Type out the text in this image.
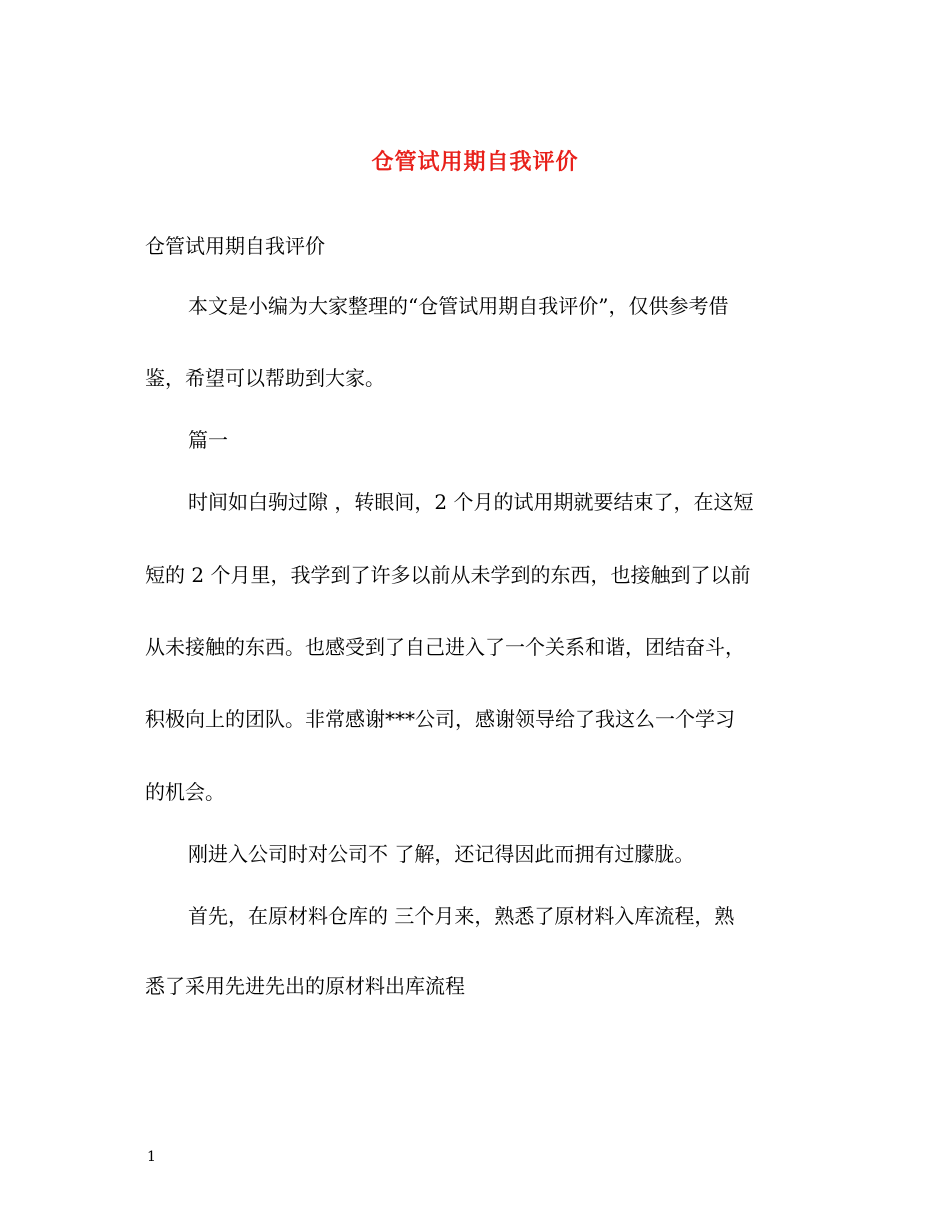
仓管试用期自我评价
仓管试用期自我评价
本文是小编为大家整理的“仓管试用期自我评价”，仅供参考借
鉴，希望可以帮助到大家。
篇一
时间如白驹过隙 ，转眼间，2 个月的试用期就要结束了，在这短
短的 2 个月里，我学到了许多以前从未学到的东西，也接触到了以前
从未接触的东西。也感受到了自己进入了一个关系和谐，团结奋斗，
积极向上的团队。非常感谢***公司，感谢领导给了我这么一个学习
的机会。
刚进入公司时对公司不 了解，还记得因此而拥有过朦胧。
首先，在原材料仓库的 三个月来，熟悉了原材料入库流程，熟
悉了采用先进先出的原材料出库流程
1
